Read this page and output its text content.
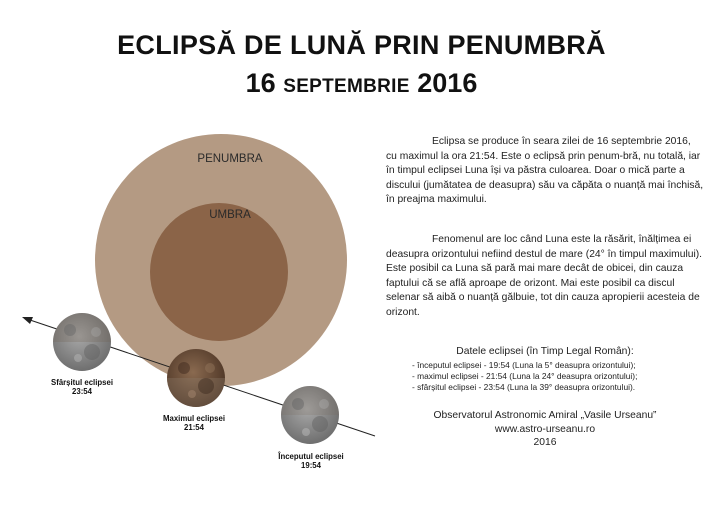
ECLIPSĂ DE LUNĂ PRIN PENUMBRĂ
16 SEPTEMBRIE 2016
PENUMBRA
UMBRA
Sfârșitul eclipsei
23:54
Maximul eclipsei
21:54
Începutul eclipsei
19:54

Eclipsa se produce în seara zilei de 16 septembrie 2016, cu maximul la ora 21:54. Este o eclipsă prin penum-bră, nu totală, iar în timpul eclipsei Luna își va păstra culoarea. Doar o mică parte a discului (jumătatea de deasupra) său va căpăta o nuanță mai închisă, în preajma maximului.

Fenomenul are loc când Luna este la răsărit, înălțimea ei deasupra orizontului nefiind destul de mare (24° în timpul maximului). Este posibil ca Luna să pară mai mare decât de obicei, din cauza faptului că se află aproape de orizont. Mai este posibil ca discul selenar să aibă o nuanță gălbuie, tot din cauza apropierii acesteia de orizont.

Datele eclipsei (în Timp Legal Român):
- începutul eclipsei - 19:54 (Luna la 5° deasupra orizontului);
- maximul eclipsei - 21:54 (Luna la 24° deasupra orizontului);
- sfârșitul eclipsei - 23:54 (Luna la 39° deasupra orizontului).
Observatorul Astronomic Amiral „Vasile Urseanu”
www.astro-urseanu.ro
2016
